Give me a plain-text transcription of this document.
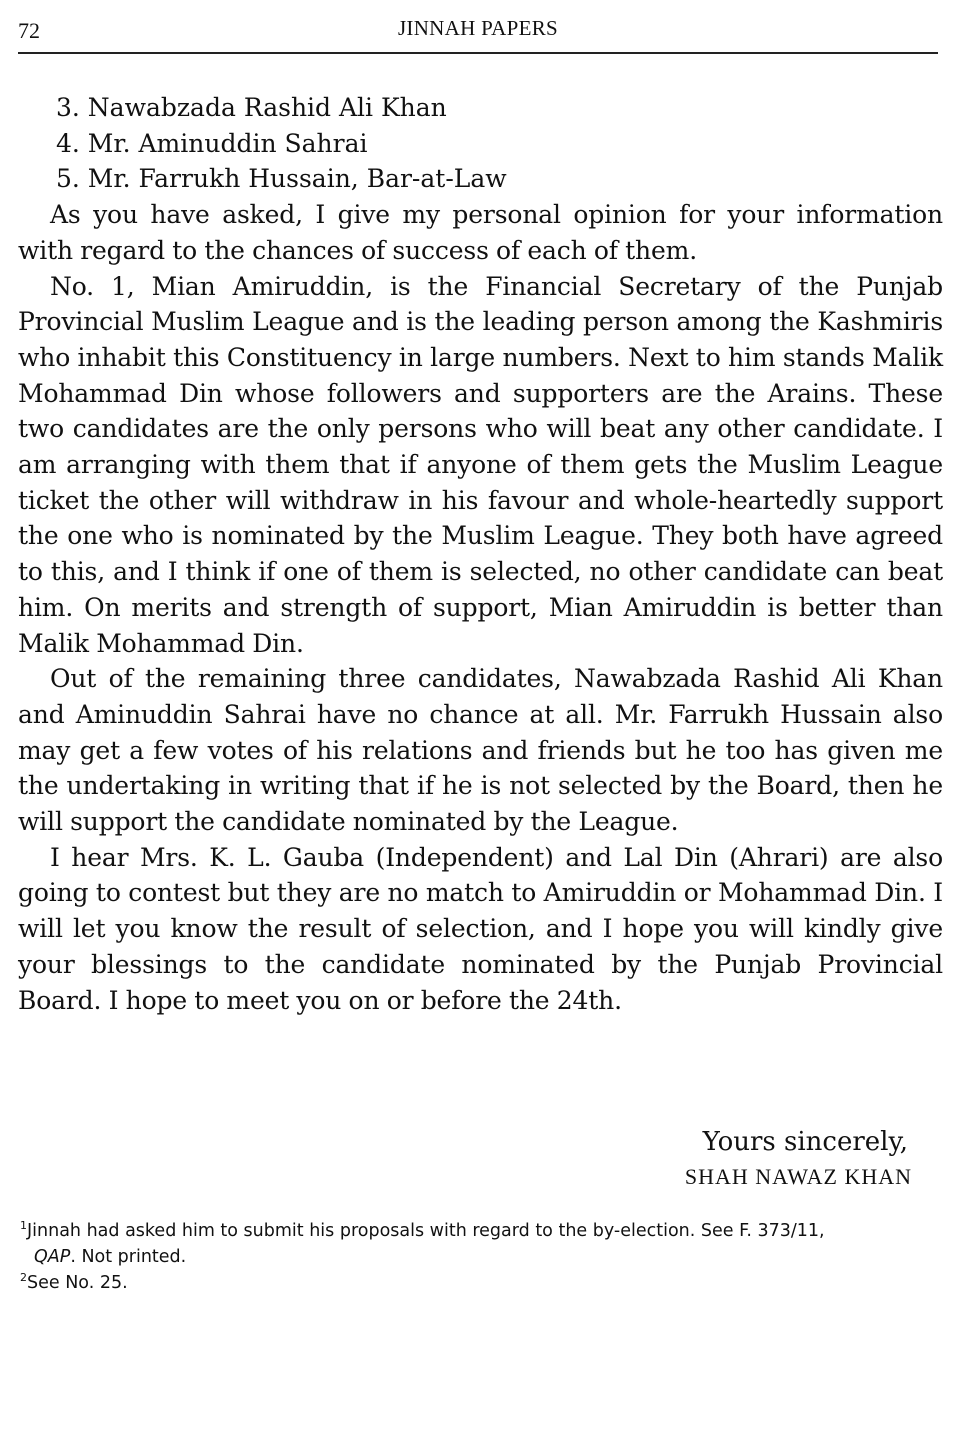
72	JINNAH PAPERS

3. Nawabzada Rashid Ali Khan

4. Mr. Aminuddin Sahrai

5. Mr. Farrukh Hussain, Bar-at-Law

As you have asked, I give my personal opinion for your information with regard to the chances of success of each of them.

No. 1, Mian Amiruddin, is the Financial Secretary of the Punjab Provincial Muslim League and is the leading person among the Kashmiris who inhabit this Constituency in large numbers. Next to him stands Malik Mohammad Din whose followers and supporters are the Arains. These two candidates are the only persons who will beat any other candidate. I am arranging with them that if anyone of them gets the Muslim League ticket the other will withdraw in his favour and whole-heartedly support the one who is nominated by the Muslim League. They both have agreed to this, and I think if one of them is selected, no other candidate can beat him. On merits and strength of support, Mian Amiruddin is better than Malik Mohammad Din.

Out of the remaining three candidates, Nawabzada Rashid Ali Khan and Aminuddin Sahrai have no chance at all. Mr. Farrukh Hussain also may get a few votes of his relations and friends but he too has given me the undertaking in writing that if he is not selected by the Board, then he will support the candidate nominated by the League.

I hear Mrs. K. L. Gauba (Independent) and Lal Din (Ahrari) are also going to contest but they are no match to Amiruddin or Mohammad Din. I will let you know the result of selection, and I hope you will kindly give your blessings to the candidate nominated by the Punjab Provincial Board. I hope to meet you on or before the 24th.

Yours sincerely,
SHAH NAWAZ KHAN

$^1$Jinnah had asked him to submit his proposals with regard to the by-election. See F. 373/11,

QAP. Not printed.

$^2$See No. 25.
